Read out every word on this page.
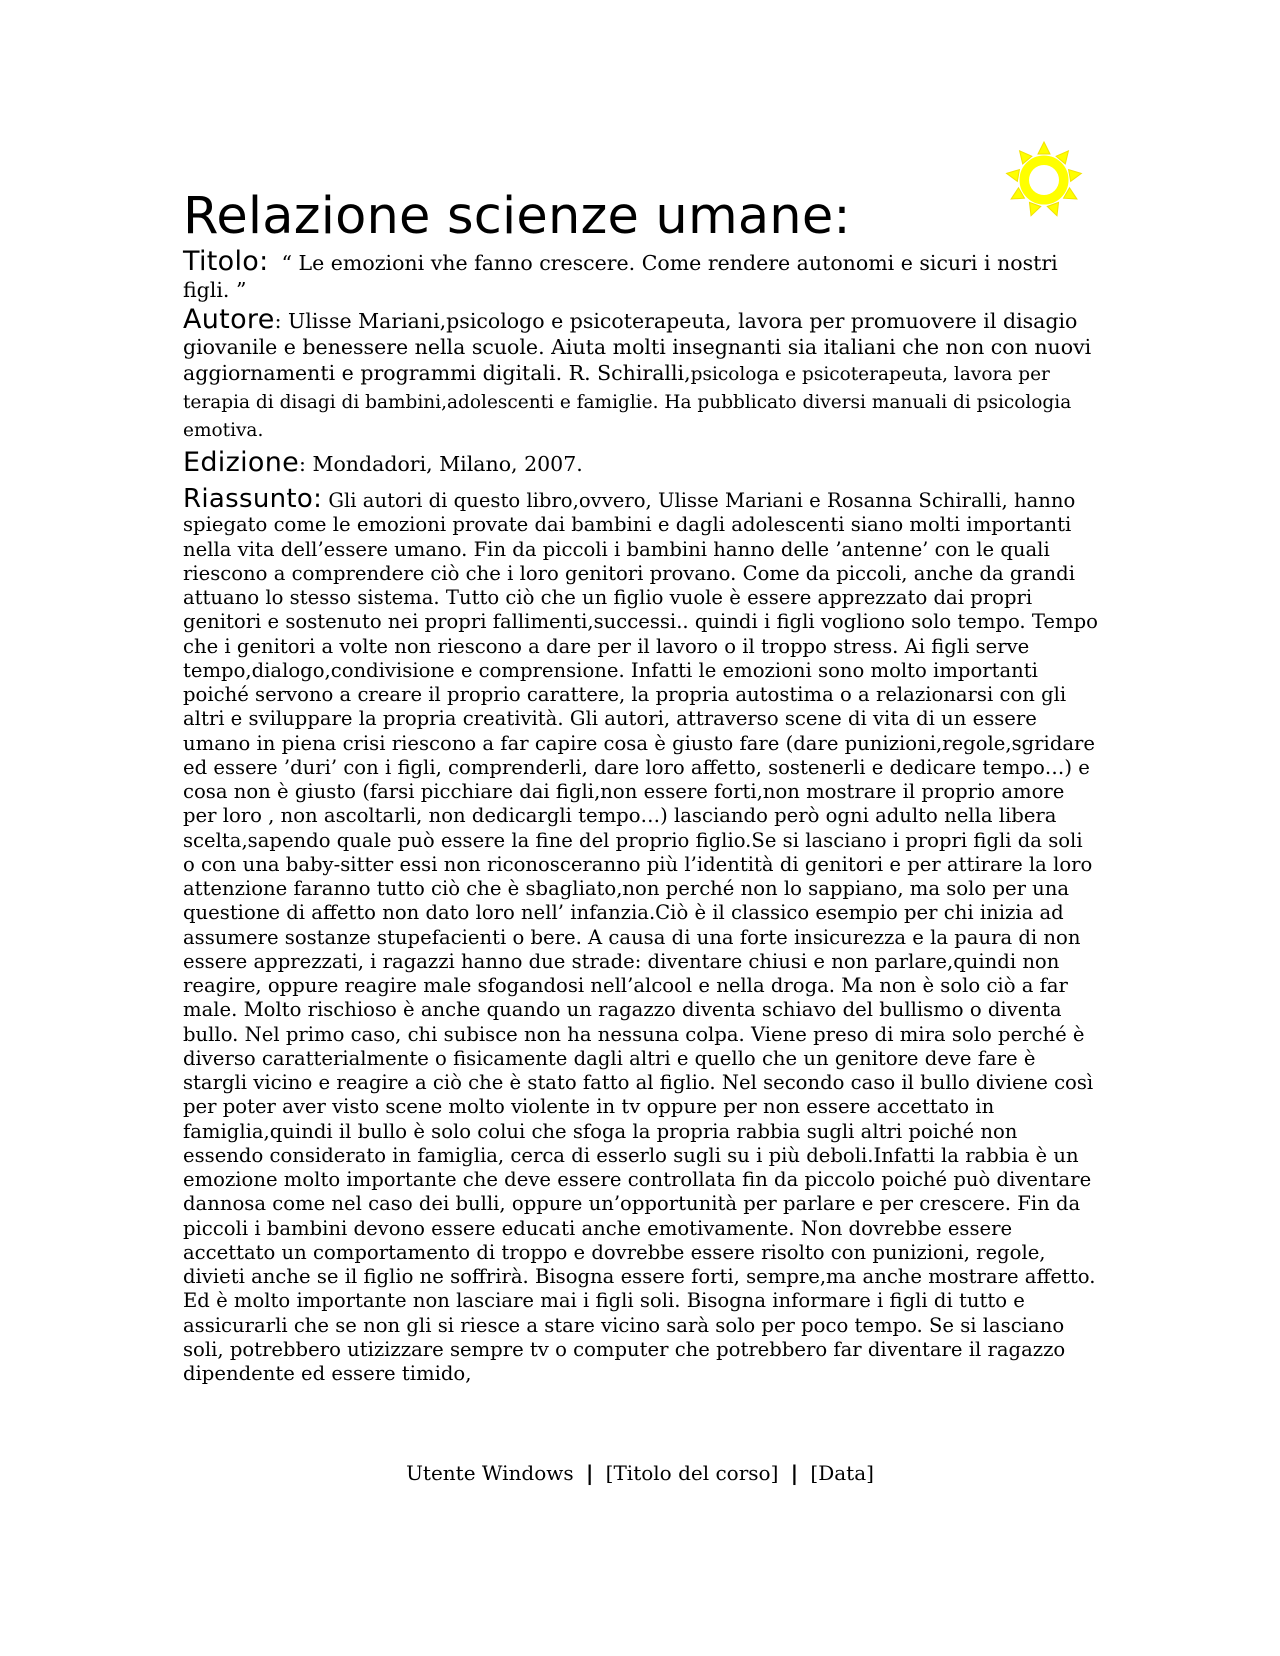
Relazione scienze umane:

Titolo: “ Le emozioni vhe fanno crescere. Come rendere autonomi e sicuri i nostri figli. ”

Autore: Ulisse Mariani,psicologo e psicoterapeuta, lavora per promuovere il disagio giovanile e benessere nella scuole. Aiuta molti insegnanti sia italiani che non con nuovi aggiornamenti e programmi digitali. R. Schiralli,psicologa e psicoterapeuta, lavora per terapia di disagi di bambini,adolescenti e famiglie. Ha pubblicato diversi manuali di psicologia emotiva.

Edizione: Mondadori, Milano, 2007.

Riassunto: Gli autori di questo libro,ovvero, Ulisse Mariani e Rosanna Schiralli, hanno spiegato come le emozioni provate dai bambini e dagli adolescenti siano molti importanti nella vita dell’essere umano. Fin da piccoli i bambini hanno delle ’antenne’ con le quali riescono a comprendere ciò che i loro genitori provano. Come da piccoli, anche da grandi attuano lo stesso sistema. Tutto ciò che un figlio vuole è essere apprezzato dai propri genitori e sostenuto nei propri fallimenti,successi.. quindi i figli vogliono solo tempo. Tempo che i genitori a volte non riescono a dare per il lavoro o il troppo stress. Ai figli serve tempo,dialogo,condivisione e comprensione. Infatti le emozioni sono molto importanti poiché servono a creare il proprio carattere, la propria autostima o a relazionarsi con gli altri e sviluppare la propria creatività. Gli autori, attraverso scene di vita di un essere umano in piena crisi riescono a far capire cosa è giusto fare (dare punizioni,regole,sgridare ed essere ’duri’ con i figli, comprenderli, dare loro affetto, sostenerli e dedicare tempo…) e cosa non è giusto (farsi picchiare dai figli,non essere forti,non mostrare il proprio amore per loro , non ascoltarli, non dedicargli tempo…) lasciando però ogni adulto nella libera scelta,sapendo quale può essere la fine del proprio figlio.Se si lasciano i propri figli da soli o con una baby-sitter essi non riconosceranno più l’identità di genitori e per attirare la loro attenzione faranno tutto ciò che è sbagliato,non perché non lo sappiano, ma solo per una questione di affetto non dato loro nell’ infanzia.Ciò è il classico esempio per chi inizia ad assumere sostanze stupefacienti o bere. A causa di una forte insicurezza e la paura di non essere apprezzati, i ragazzi hanno due strade: diventare chiusi e non parlare,quindi non reagire, oppure reagire male sfogandosi nell’alcool e nella droga. Ma non è solo ciò a far male. Molto rischioso è anche quando un ragazzo diventa schiavo del bullismo o diventa bullo. Nel primo caso, chi subisce non ha nessuna colpa. Viene preso di mira solo perché è diverso caratterialmente o fisicamente dagli altri e quello che un genitore deve fare è stargli vicino e reagire a ciò che è stato fatto al figlio. Nel secondo caso il bullo diviene così per poter aver visto scene molto violente in tv oppure per non essere accettato in famiglia,quindi il bullo è solo colui che sfoga la propria rabbia sugli altri poiché non essendo considerato in famiglia, cerca di esserlo sugli su i più deboli.Infatti la rabbia è un emozione molto importante che deve essere controllata fin da piccolo poiché può diventare dannosa come nel caso dei bulli, oppure un’opportunità per parlare e per crescere. Fin da piccoli i bambini devono essere educati anche emotivamente. Non dovrebbe essere accettato un comportamento di troppo e dovrebbe essere risolto con punizioni, regole, divieti anche se il figlio ne soffrirà. Bisogna essere forti, sempre,ma anche mostrare affetto. Ed è molto importante non lasciare mai i figli soli. Bisogna informare i figli di tutto e assicurarli che se non gli si riesce a stare vicino sarà solo per poco tempo. Se si lasciano soli, potrebbero utizizzare sempre tv o computer che potrebbero far diventare il ragazzo dipendente ed essere timido,

Utente Windows | [Titolo del corso] | [Data]
